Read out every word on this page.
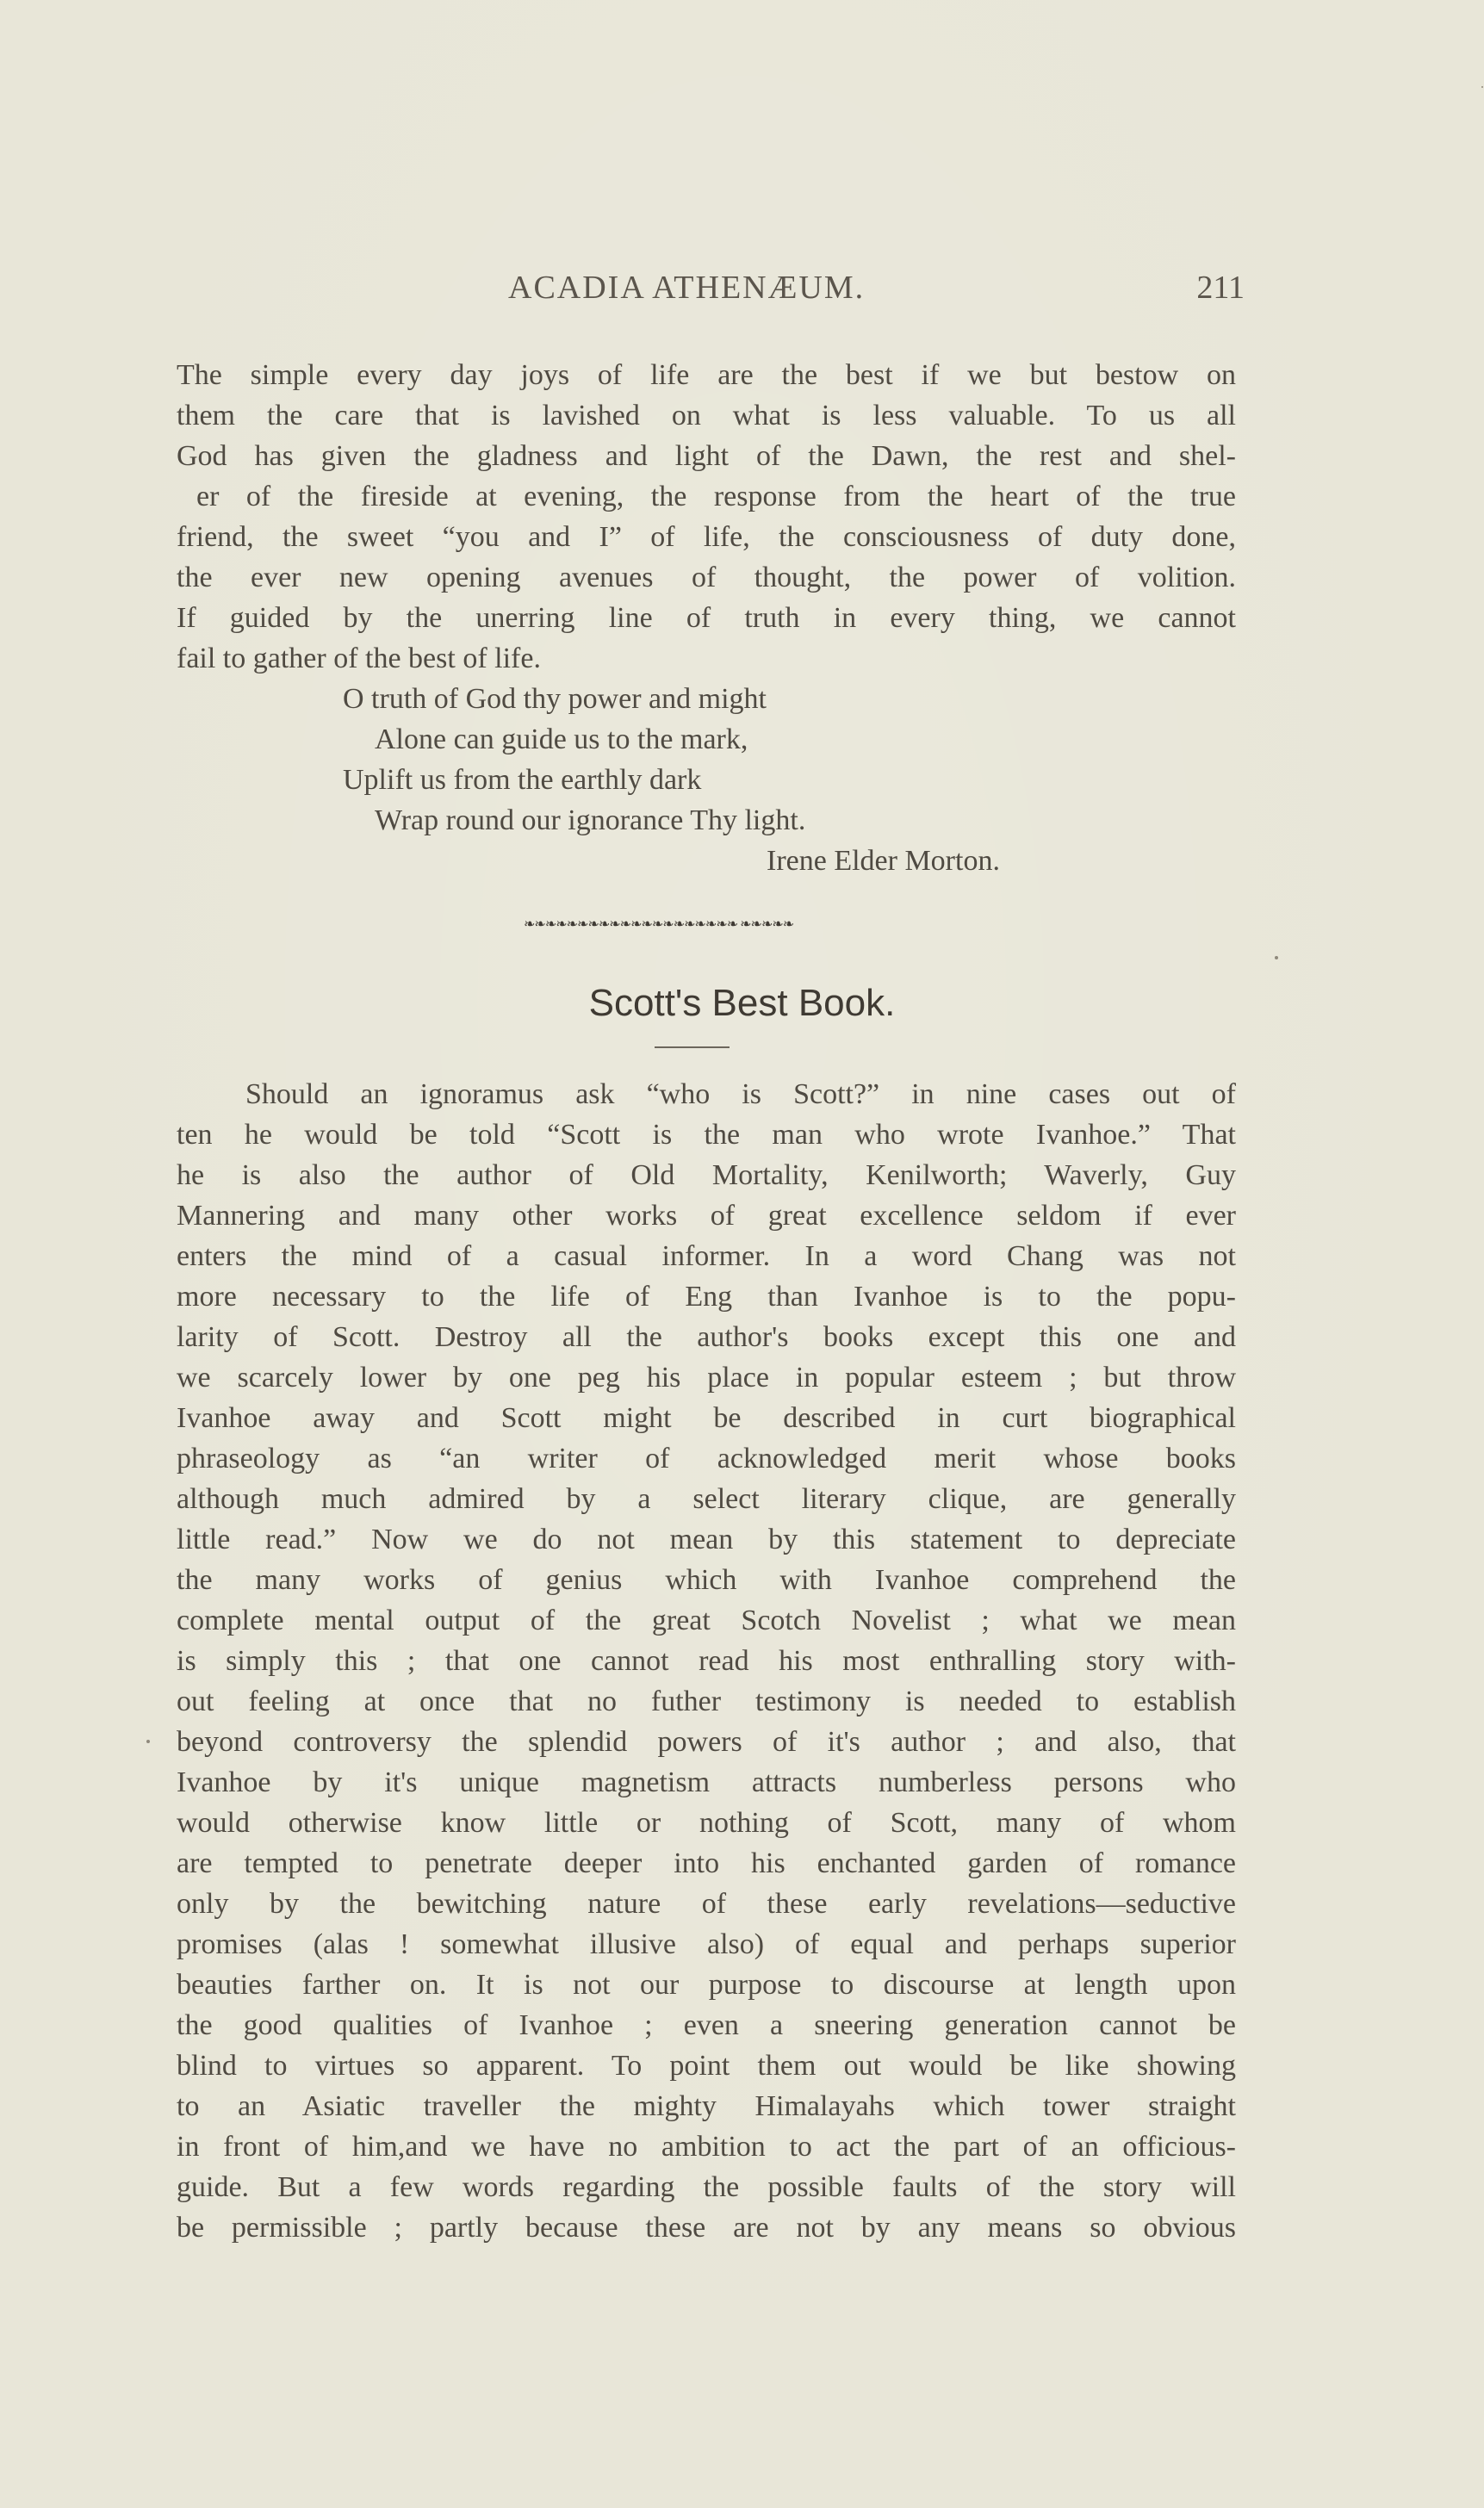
ACADIA ATHENÆUM.	211
The simple every day joys of life are the best if we but bestow on
them the care that is lavished on what is less valuable. To us all
God has given the gladness and light of the Dawn, the rest and shel-
er of the fireside at evening, the response from the heart of the true
friend, the sweet “you and I” of life, the consciousness of duty done,
the ever new opening avenues of thought, the power of volition.
If guided by the unerring line of truth in every thing, we cannot
fail to gather of the best of life.
O truth of God thy power and might
Alone can guide us to the mark,
Uplift us from the earthly dark
Wrap round our ignorance Thy light.
Irene Elder Morton.
❧❧❧❧❧❧❧❧❧❧❧❧❧❧❧❧❧❧❧❧ ❧❧❧❧❧
Scott's Best Book.
Should an ignoramus ask “who is Scott?” in nine cases out of
ten he would be told “Scott is the man who wrote Ivanhoe.” That
he is also the author of Old Mortality, Kenilworth; Waverly, Guy
Mannering and many other works of great excellence seldom if ever
enters the mind of a casual informer. In a word Chang was not
more necessary to the life of Eng than Ivanhoe is to the popu-
larity of Scott. Destroy all the author's books except this one and
we scarcely lower by one peg his place in popular esteem ; but throw
Ivanhoe away and Scott might be described in curt biographical
phraseology as “an writer of acknowledged merit whose books
although much admired by a select literary clique, are generally
little read.” Now we do not mean by this statement to depreciate
the many works of genius which with Ivanhoe comprehend the
complete mental output of the great Scotch Novelist ; what we mean
is simply this ; that one cannot read his most enthralling story with-
out feeling at once that no futher testimony is needed to establish
beyond controversy the splendid powers of it's author ; and also, that
Ivanhoe by it's unique magnetism attracts numberless persons who
would otherwise know little or nothing of Scott, many of whom
are tempted to penetrate deeper into his enchanted garden of romance
only by the bewitching nature of these early revelations—seductive
promises (alas ! somewhat illusive also) of equal and perhaps superior
beauties farther on. It is not our purpose to discourse at length upon
the good qualities of Ivanhoe ; even a sneering generation cannot be
blind to virtues so apparent. To point them out would be like showing
to an Asiatic traveller the mighty Himalayahs which tower straight
in front of him,and we have no ambition to act the part of an officious-
guide. But a few words regarding the possible faults of the story will
be permissible ; partly because these are not by any means so obvious
